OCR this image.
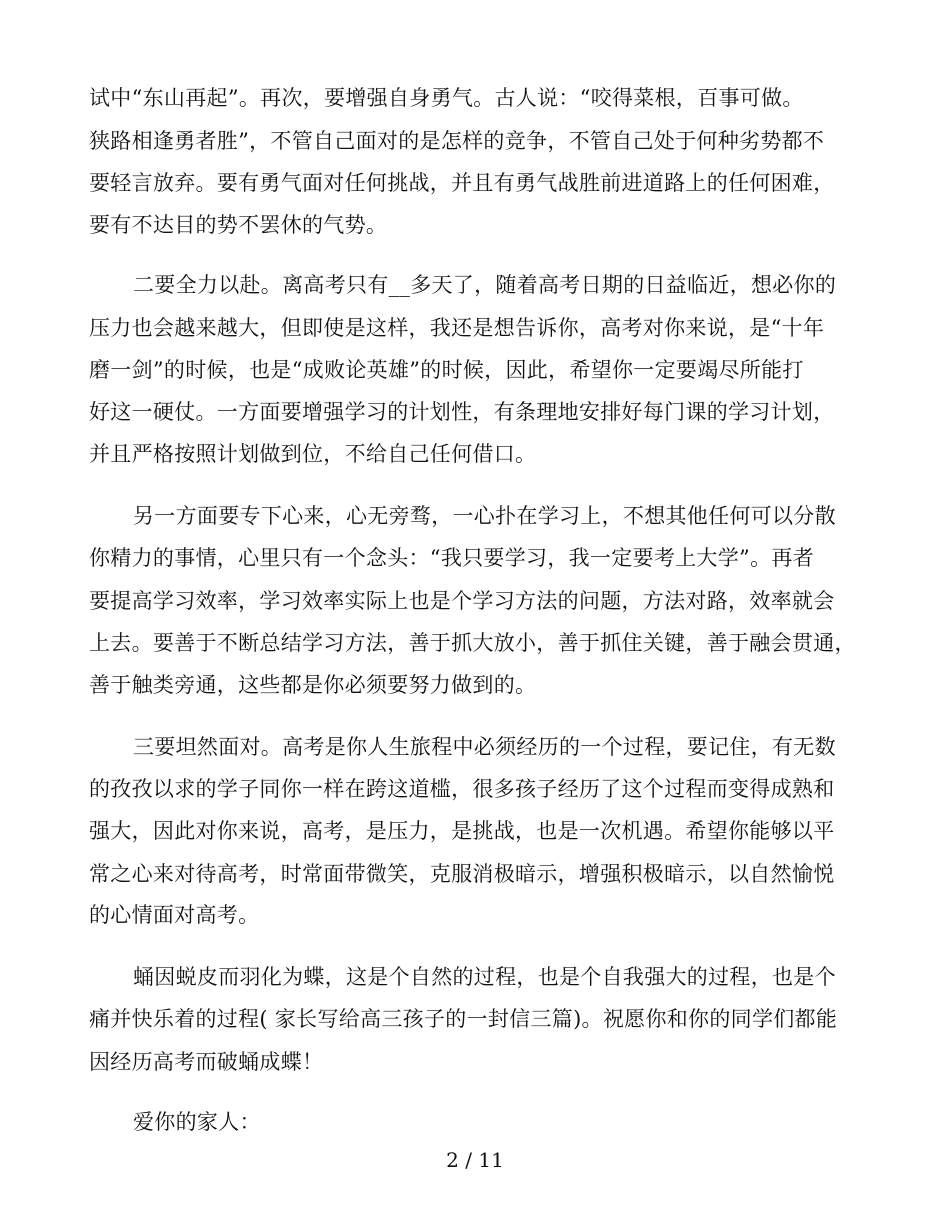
试中“东山再起”。再次，要增强自身勇气。古人说：“咬得菜根，百事可做。
狭路相逢勇者胜”，不管自己面对的是怎样的竞争，不管自己处于何种劣势都不
要轻言放弃。要有勇气面对任何挑战，并且有勇气战胜前进道路上的任何困难，
要有不达目的势不罢休的气势。
二要全力以赴。离高考只有__多天了，随着高考日期的日益临近，想必你的
压力也会越来越大，但即使是这样，我还是想告诉你，高考对你来说，是“十年
磨一剑”的时候，也是“成败论英雄”的时候，因此，希望你一定要竭尽所能打
好这一硬仗。一方面要增强学习的计划性，有条理地安排好每门课的学习计划，
并且严格按照计划做到位，不给自己任何借口。
另一方面要专下心来，心无旁骛，一心扑在学习上，不想其他任何可以分散
你精力的事情，心里只有一个念头：“我只要学习，我一定要考上大学”。再者
要提高学习效率，学习效率实际上也是个学习方法的问题，方法对路，效率就会
上去。要善于不断总结学习方法，善于抓大放小，善于抓住关键，善于融会贯通，
善于触类旁通，这些都是你必须要努力做到的。
三要坦然面对。高考是你人生旅程中必须经历的一个过程，要记住，有无数
的孜孜以求的学子同你一样在跨这道槛，很多孩子经历了这个过程而变得成熟和
强大，因此对你来说，高考，是压力，是挑战，也是一次机遇。希望你能够以平
常之心来对待高考，时常面带微笑，克服消极暗示，增强积极暗示，以自然愉悦
的心情面对高考。
蛹因蜕皮而羽化为蝶，这是个自然的过程，也是个自我强大的过程，也是个
痛并快乐着的过程( 家长写给高三孩子的一封信三篇)。祝愿你和你的同学们都能
因经历高考而破蛹成蝶！
爱你的家人：
2 / 11
